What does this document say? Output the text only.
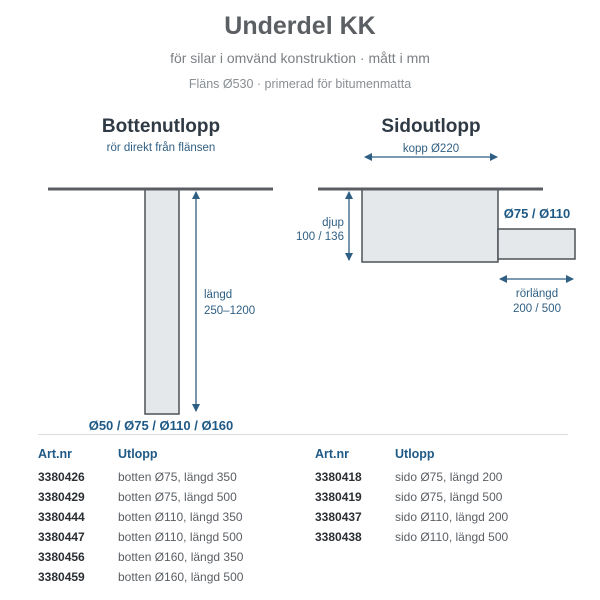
Underdel KK
för silar i omvänd konstruktion · mått i mm
Fläns Ø530 · primerad för bitumenmatta
Bottenutlopp
rör direkt från flänsen
längd
250–1200
Ø50 / Ø75 / Ø110 / Ø160
Sidoutlopp
kopp Ø220
djup
100 / 136
Ø75 / Ø110
rörlängd
200 / 500
Art.nr	Utlopp
3380426	botten Ø75, längd 350
3380429	botten Ø75, längd 500
3380444	botten Ø110, längd 350
3380447	botten Ø110, längd 500
3380456	botten Ø160, längd 350
3380459	botten Ø160, längd 500
Art.nr	Utlopp
3380418	sido Ø75, längd 200
3380419	sido Ø75, längd 500
3380437	sido Ø110, längd 200
3380438	sido Ø110, längd 500
